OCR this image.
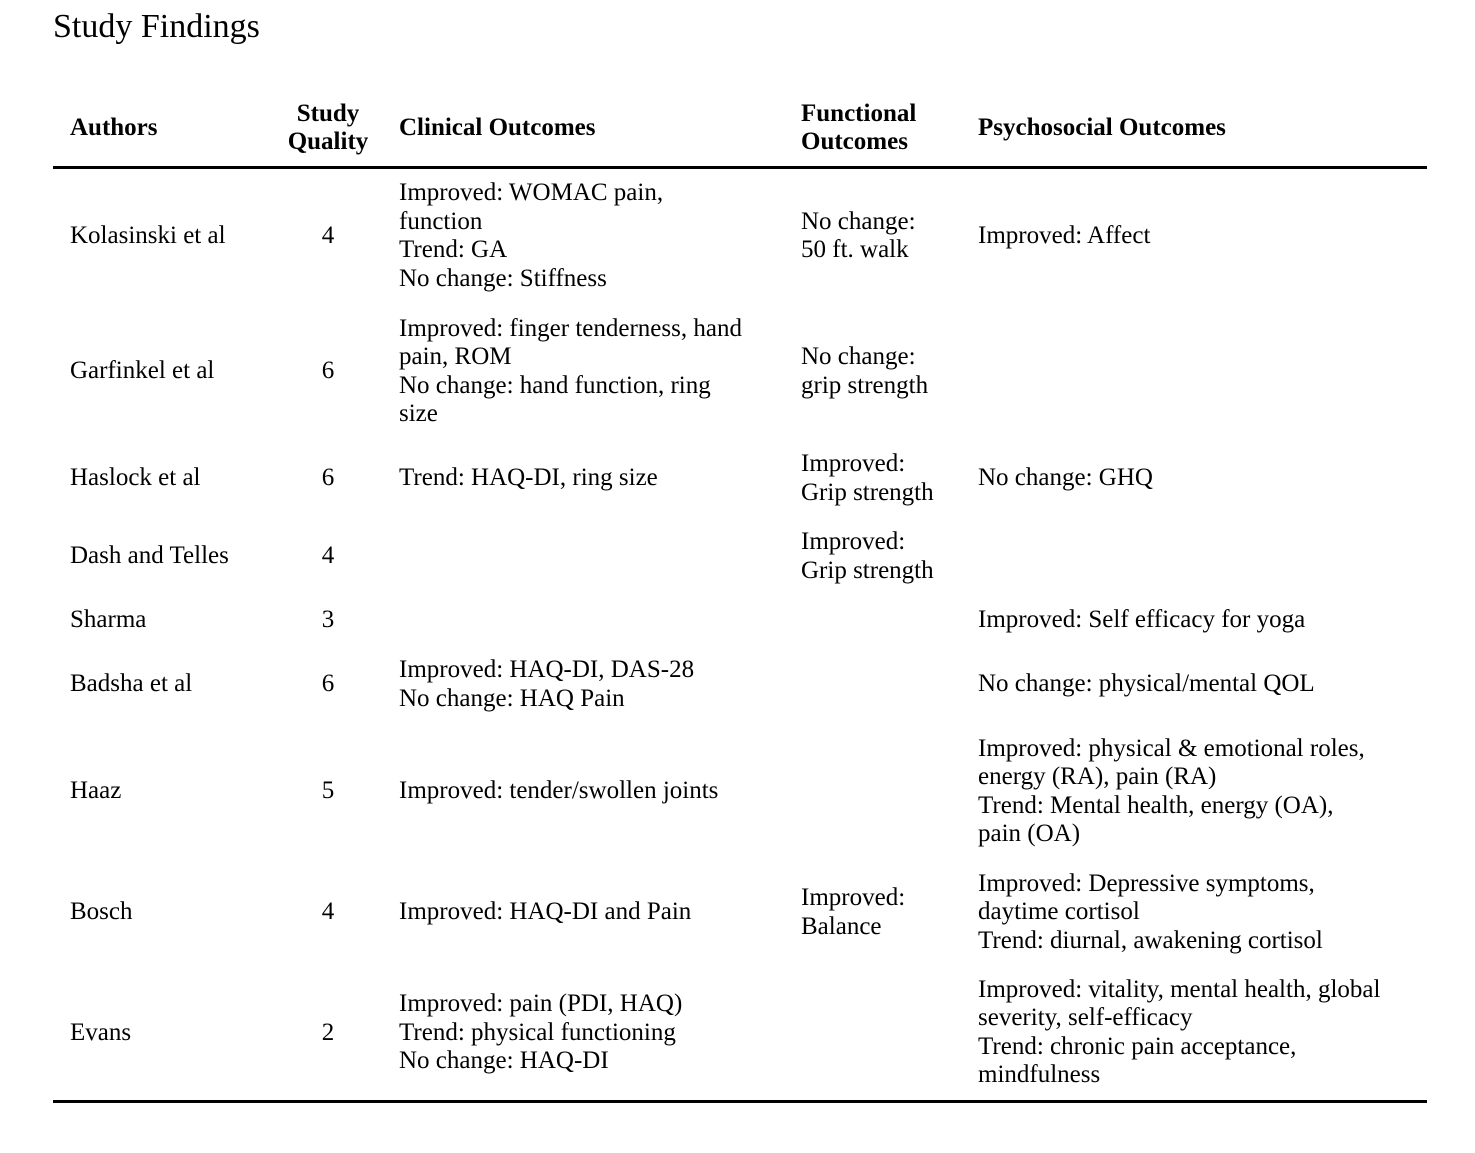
Study Findings
Authors	Study
Quality	Clinical Outcomes	Functional
Outcomes	Psychosocial Outcomes
Kolasinski et al	4	Improved: WOMAC pain,
function
Trend: GA
No change: Stiffness	No change:
50 ft. walk	Improved: Affect

Garfinkel et al	6	Improved: finger tenderness, hand
pain, ROM
No change: hand function, ring
size	No change:
grip strength	

Haslock et al	6	Trend: HAQ-DI, ring size	Improved:
Grip strength	No change: GHQ

Dash and Telles	4		Improved:
Grip strength	

Sharma	3			Improved: Self efficacy for yoga

Badsha et al	6	Improved: HAQ-DI, DAS-28
No change: HAQ Pain		No change: physical/mental QOL

Haaz	5	Improved: tender/swollen joints		Improved: physical & emotional roles,
energy (RA), pain (RA)
Trend: Mental health, energy (OA),
pain (OA)

Bosch	4	Improved: HAQ-DI and Pain	Improved:
Balance	Improved: Depressive symptoms,
daytime cortisol
Trend: diurnal, awakening cortisol

Evans	2	Improved: pain (PDI, HAQ)
Trend: physical functioning
No change: HAQ-DI		Improved: vitality, mental health, global
severity, self-efficacy
Trend: chronic pain acceptance,
mindfulness
